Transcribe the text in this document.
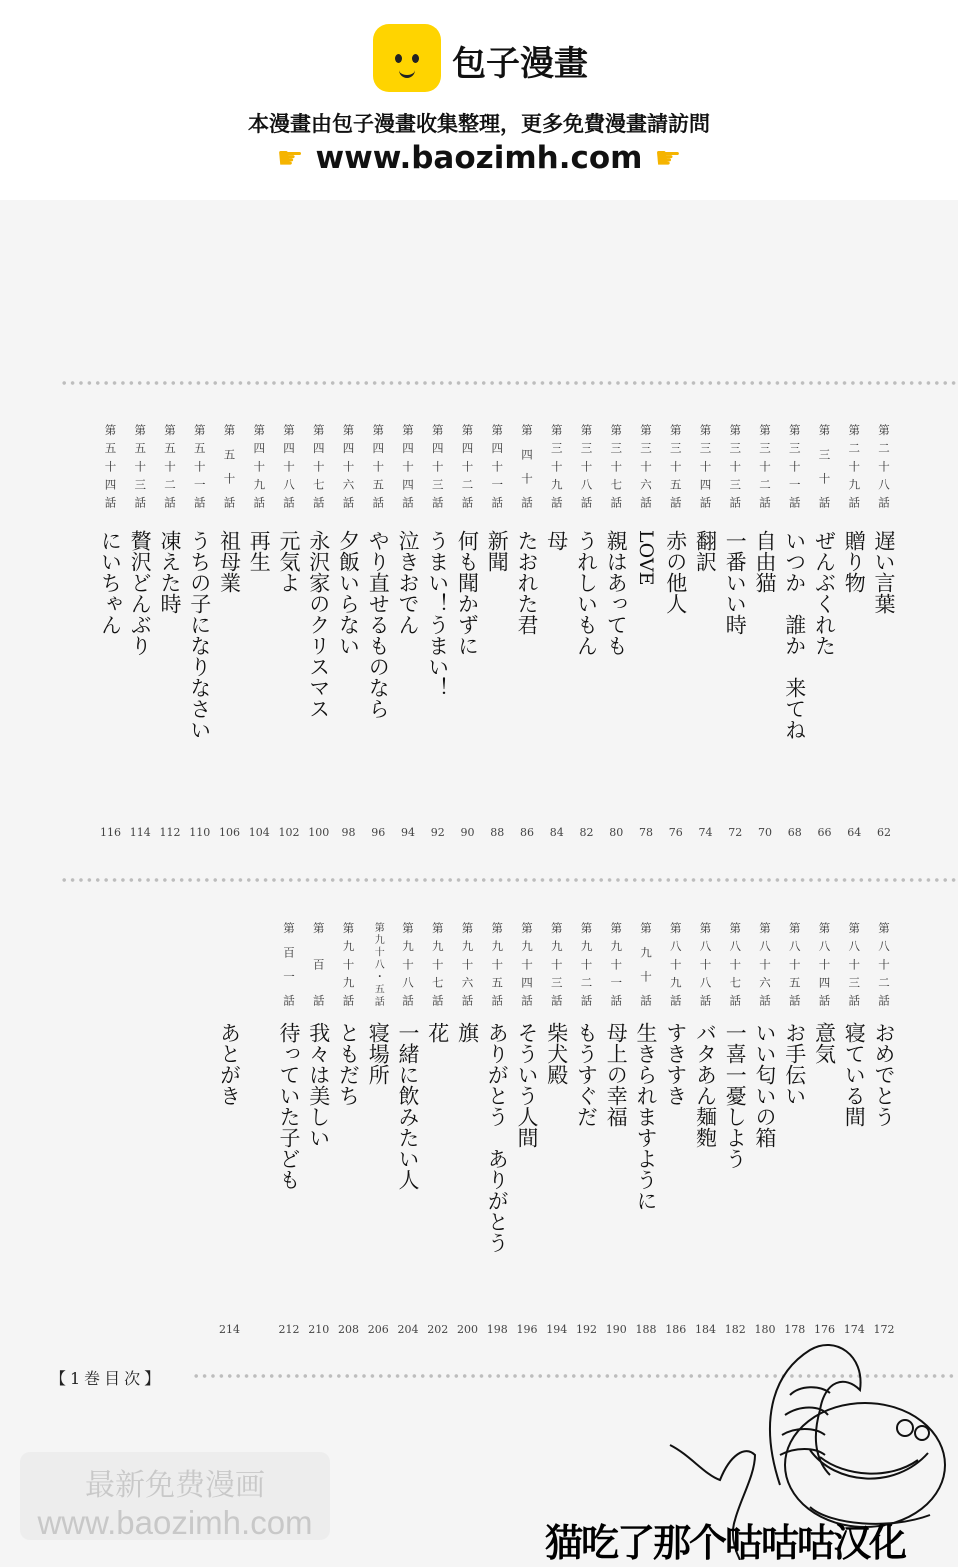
包子漫畫
本漫畫由包子漫畫收集整理，更多免費漫畫請訪問
☛ www.baozimh.com ☛
第二十八話
遅い言葉
62
第二十九話
贈り物
64
第三十話
ぜんぶくれた
66
第三十一話
いつか　誰か　来てね
68
第三十二話
自由猫
70
第三十三話
一番いい時
72
第三十四話
翻訳
74
第三十五話
赤の他人
76
第三十六話
LOVE
78
第三十七話
親はあっても
80
第三十八話
うれしいもん
82
第三十九話
母
84
第四十話
たおれた君
86
第四十一話
新聞
88
第四十二話
何も聞かずに
90
第四十三話
うまい！うまい！
92
第四十四話
泣きおでん
94
第四十五話
やり直せるものなら
96
第四十六話
夕飯いらない
98
第四十七話
永沢家のクリスマス
100
第四十八話
元気よ
102
第四十九話
再生
104
第五十話
祖母業
106
第五十一話
うちの子になりなさい
110
第五十二話
凍えた時
112
第五十三話
贅沢どんぶり
114
第五十四話
にいちゃん
116
第八十二話
おめでとう
172
第八十三話
寝ている間
174
第八十四話
意気
176
第八十五話
お手伝い
178
第八十六話
いい匂いの箱
180
第八十七話
一喜一憂しよう
182
第八十八話
バタあん麺麭
184
第八十九話
すきすき
186
第九十話
生きられますように
188
第九十一話
母上の幸福
190
第九十二話
もうすぐだ
192
第九十三話
柴犬殿
194
第九十四話
そういう人間
196
第九十五話
ありがとう　ありがとう
198
第九十六話
旗
200
第九十七話
花
202
第九十八話
一緒に飲みたい人
204
第九十八・五話
寝場所
206
第九十九話
ともだち
208
第百話
我々は美しい
210
第百一話
待っていた子ども
212
あとがき
214
【1巻目次】
最新免费漫画
www.baozimh.com	猫吃了那个咕咕咕汉化
